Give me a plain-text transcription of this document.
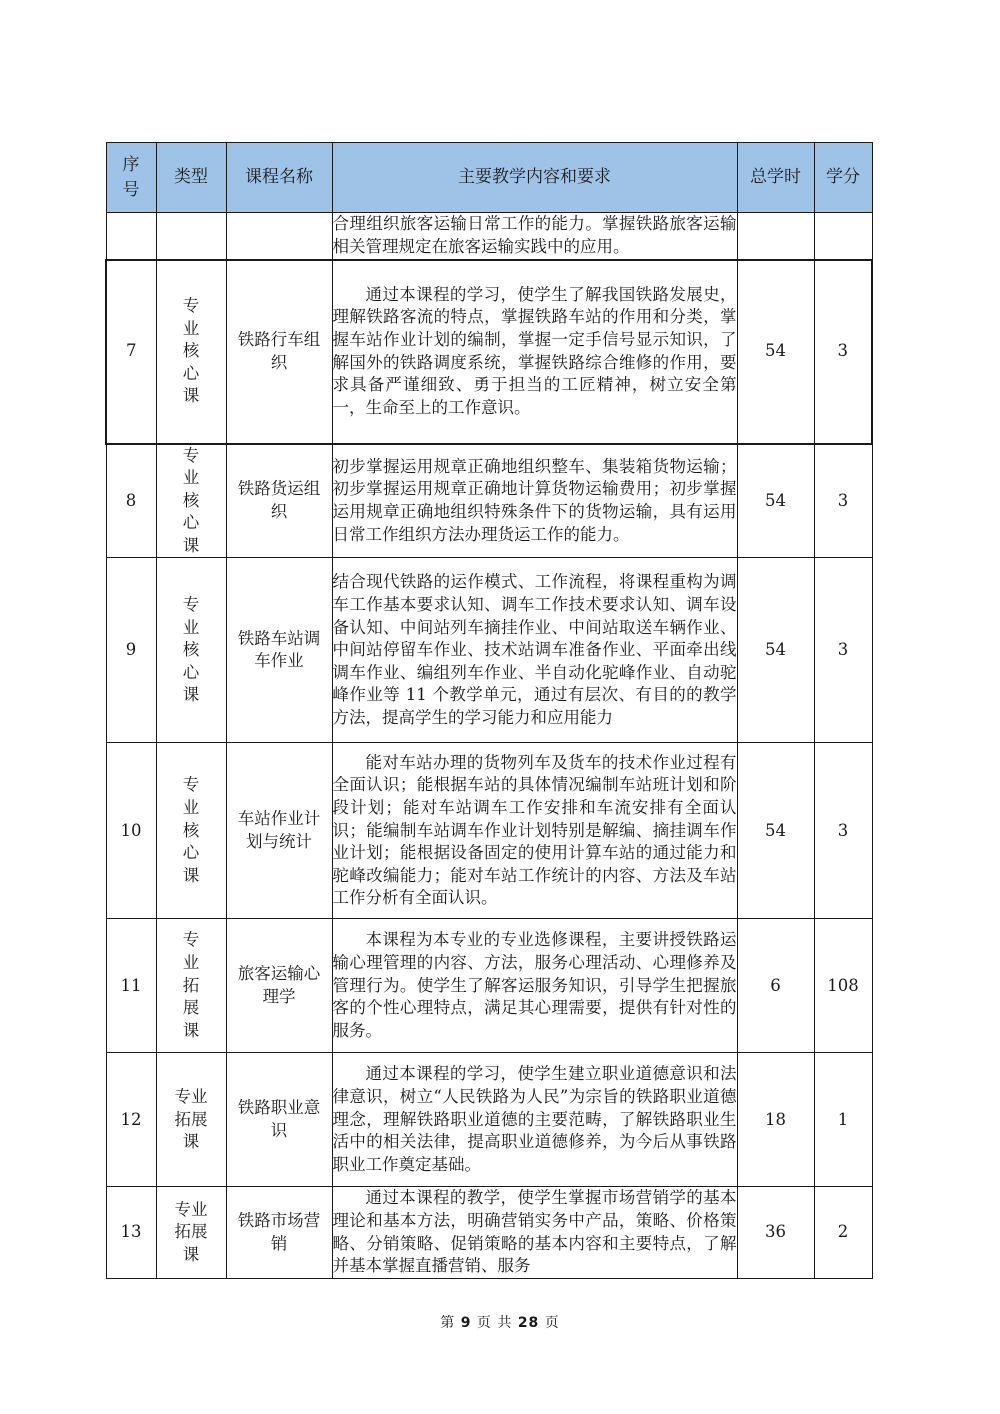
序号	类型	课程名称	主要教学内容和要求	总学时	学分
			合理组织旅客运输日常工作的能力。掌握铁路旅客运输相关管理规定在旅客运输实践中的应用。		
7	专业核心课	铁路行车组织	通过本课程的学习，使学生了解我国铁路发展史，理解铁路客流的特点，掌握铁路车站的作用和分类，掌握车站作业计划的编制，掌握一定手信号显示知识，了解国外的铁路调度系统，掌握铁路综合维修的作用，要求具备严谨细致、勇于担当的工匠精神，树立安全第一，生命至上的工作意识。	54	3
8	专业核心课	铁路货运组织	初步掌握运用规章正确地组织整车、集装箱货物运输；初步掌握运用规章正确地计算货物运输费用；初步掌握运用规章正确地组织特殊条件下的货物运输，具有运用日常工作组织方法办理货运工作的能力。	54	3
9	专业核心课	铁路车站调车作业	结合现代铁路的运作模式、工作流程，将课程重构为调车工作基本要求认知、调车工作技术要求认知、调车设备认知、中间站列车摘挂作业、中间站取送车辆作业、中间站停留车作业、技术站调车准备作业、平面牵出线调车作业、编组列车作业、半自动化驼峰作业、自动驼峰作业等 11 个教学单元，通过有层次、有目的的教学方法，提高学生的学习能力和应用能力	54	3
10	专业核心课	车站作业计划与统计	能对车站办理的货物列车及货车的技术作业过程有全面认识；能根据车站的具体情况编制车站班计划和阶段计划；能对车站调车工作安排和车流安排有全面认识；能编制车站调车作业计划特别是解编、摘挂调车作业计划；能根据设备固定的使用计算车站的通过能力和驼峰改编能力；能对车站工作统计的内容、方法及车站工作分析有全面认识。	54	3
11	专业拓展课	旅客运输心理学	本课程为本专业的专业选修课程，主要讲授铁路运输心理管理的内容、方法，服务心理活动、心理修养及管理行为。使学生了解客运服务知识，引导学生把握旅客的个性心理特点，满足其心理需要，提供有针对性的服务。	6	108
12	专业拓展课	铁路职业意识	通过本课程的学习，使学生建立职业道德意识和法律意识，树立“人民铁路为人民”为宗旨的铁路职业道德理念，理解铁路职业道德的主要范畴，了解铁路职业生活中的相关法律，提高职业道德修养，为今后从事铁路职业工作奠定基础。	18	1
13	专业拓展课	铁路市场营销	通过本课程的教学，使学生掌握市场营销学的基本理论和基本方法，明确营销实务中产品，策略、价格策略、分销策略、促销策略的基本内容和主要特点，了解并基本掌握直播营销、服务	36	2
第 9 页 共 28 页
